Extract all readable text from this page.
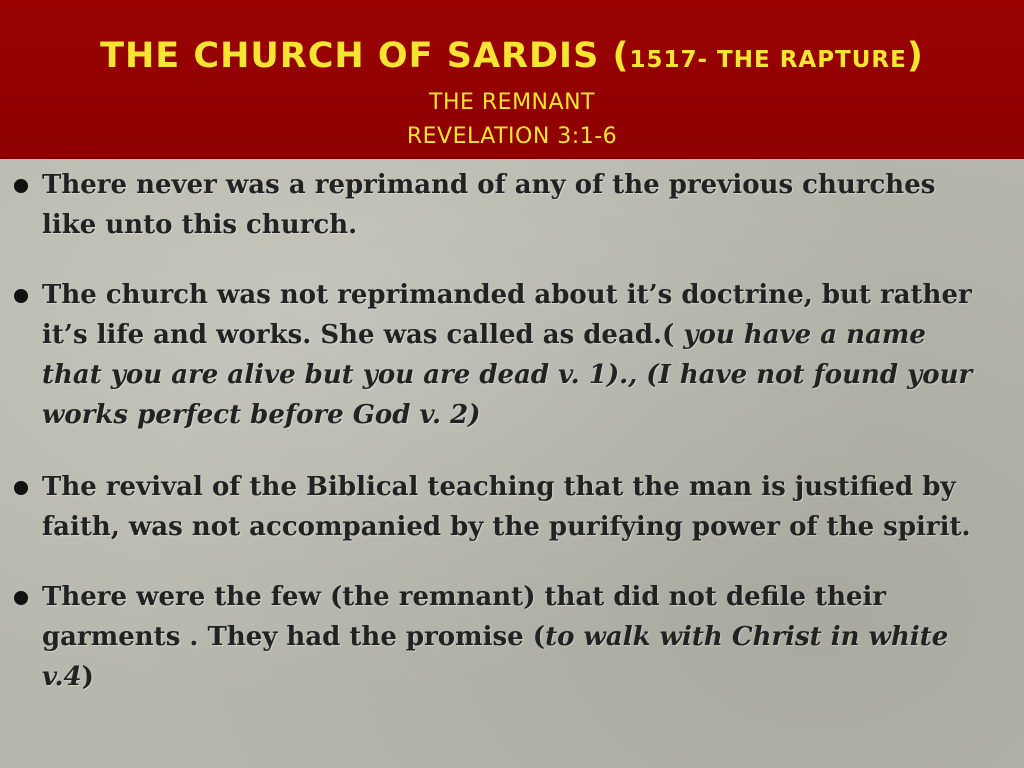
THE CHURCH OF SARDIS (1517- THE RAPTURE)
THE REMNANT
REVELATION 3:1-6
There never was a reprimand of any of the previous churches like unto this church.
The church was not reprimanded about it’s doctrine, but rather it’s life and works. She was called as dead.( you have a name that you are alive but you are dead v. 1)., (I have not found your works perfect before God v. 2)
The revival of the Biblical teaching that the man is justified by faith, was not accompanied by the purifying power of the spirit.
There were the few (the remnant) that did not defile their garments . They had the promise (to walk with Christ in white v.4)
